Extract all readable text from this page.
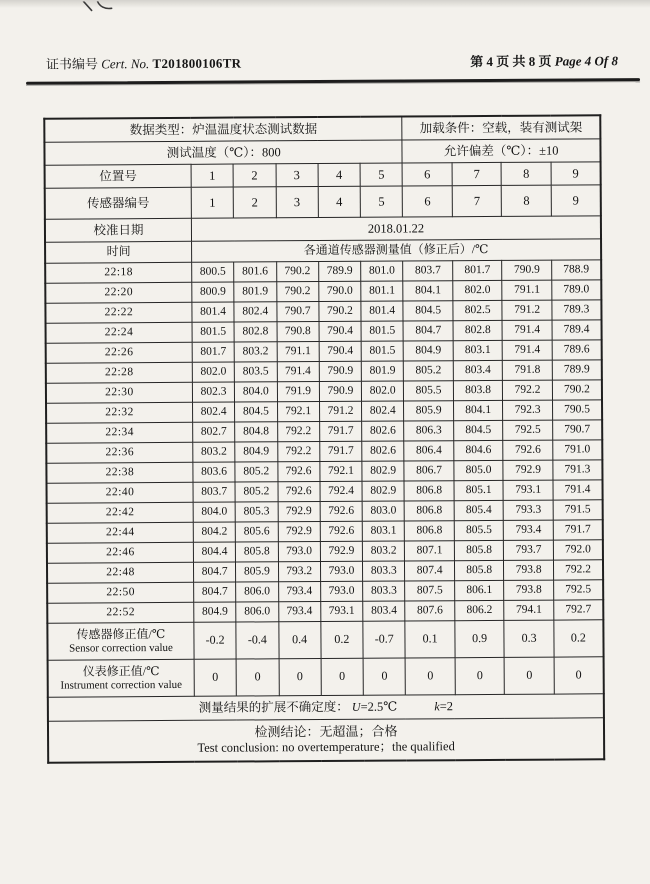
证书编号 Cert. No. T201800106TR	第 4 页 共 8 页 Page 4 Of 8
数据类型：炉温温度状态测试数据						加载条件：空载，装有测试架			
测试温度（℃）：800						允许偏差（℃）：±10			
位置号	1	2	3	4	5	6	7	8	9
传感器编号	1	2	3	4	5	6	7	8	9
校准日期	2018.01.22								
时间	各通道传感器测量值（修正后）/℃								
22:18	800.5	801.6	790.2	789.9	801.0	803.7	801.7	790.9	788.9
22:20	800.9	801.9	790.2	790.0	801.1	804.1	802.0	791.1	789.0
22:22	801.4	802.4	790.7	790.2	801.4	804.5	802.5	791.2	789.3
22:24	801.5	802.8	790.8	790.4	801.5	804.7	802.8	791.4	789.4
22:26	801.7	803.2	791.1	790.4	801.5	804.9	803.1	791.4	789.6
22:28	802.0	803.5	791.4	790.9	801.9	805.2	803.4	791.8	789.9
22:30	802.3	804.0	791.9	790.9	802.0	805.5	803.8	792.2	790.2
22:32	802.4	804.5	792.1	791.2	802.4	805.9	804.1	792.3	790.5
22:34	802.7	804.8	792.2	791.7	802.6	806.3	804.5	792.5	790.7
22:36	803.2	804.9	792.2	791.7	802.6	806.4	804.6	792.6	791.0
22:38	803.6	805.2	792.6	792.1	802.9	806.7	805.0	792.9	791.3
22:40	803.7	805.2	792.6	792.4	802.9	806.8	805.1	793.1	791.4
22:42	804.0	805.3	792.9	792.6	803.0	806.8	805.4	793.3	791.5
22:44	804.2	805.6	792.9	792.6	803.1	806.8	805.5	793.4	791.7
22:46	804.4	805.8	793.0	792.9	803.2	807.1	805.8	793.7	792.0
22:48	804.7	805.9	793.2	793.0	803.3	807.4	805.8	793.8	792.2
22:50	804.7	806.0	793.4	793.0	803.3	807.5	806.1	793.8	792.5
22:52	804.9	806.0	793.4	793.1	803.4	807.6	806.2	794.1	792.7

传感器修正值/℃
Sensor correction value	-0.2	-0.4	0.4	0.2	-0.7	0.1	0.9	0.3	0.2

仪表修正值/℃
Instrument correction value	0	0	0	0	0	0	0	0	0
测量结果的扩展不确定度： U=2.5℃ k=2									

检测结论：无超温；合格
Test conclusion: no overtemperature；the qualified									
